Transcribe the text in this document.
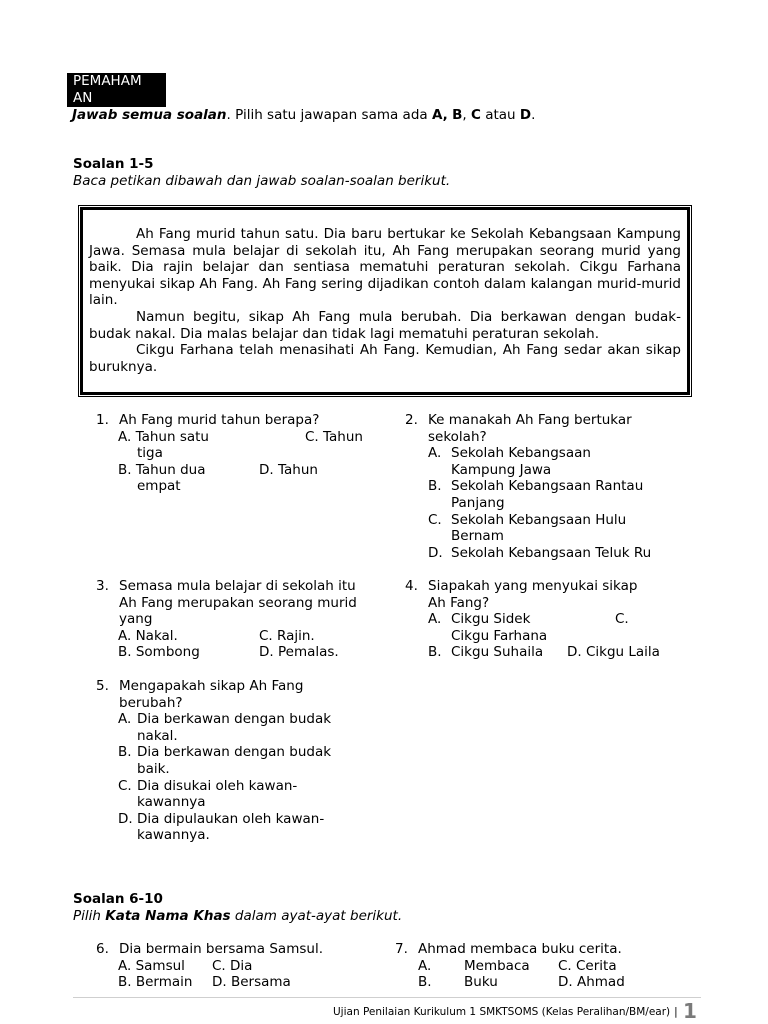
PEMAHAM
AN
Jawab semua soalan. Pilih satu jawapan sama ada A, B, C atau D.
Soalan 1-5
Baca petikan dibawah dan jawab soalan-soalan berikut.

Ah Fang murid tahun satu. Dia baru bertukar ke Sekolah Kebangsaan Kampung Jawa. Semasa mula belajar di sekolah itu, Ah Fang merupakan seorang murid yang baik. Dia rajin belajar dan sentiasa mematuhi peraturan sekolah. Cikgu Farhana menyukai sikap Ah Fang. Ah Fang sering dijadikan contoh dalam kalangan murid-murid lain.

Namun begitu, sikap Ah Fang mula berubah. Dia berkawan dengan budak-budak nakal. Dia malas belajar dan tidak lagi mematuhi peraturan sekolah.

Cikgu Farhana telah menasihati Ah Fang. Kemudian, Ah Fang sedar akan sikap buruknya.

1. Ah Fang murid tahun berapa?
A. Tahun satu	C. Tahun
tiga
B. Tahun dua	D. Tahun
empat
2. Ke manakah Ah Fang bertukar
sekolah?
A. Sekolah Kebangsaan
Kampung Jawa
B. Sekolah Kebangsaan Rantau
Panjang
C. Sekolah Kebangsaan Hulu
Bernam
D. Sekolah Kebangsaan Teluk Ru
3. Semasa mula belajar di sekolah itu
Ah Fang merupakan seorang murid
yang
A. Nakal.	C. Rajin.
B. Sombong	D. Pemalas.
4. Siapakah yang menyukai sikap
Ah Fang?
A. Cikgu Sidek	C.
Cikgu Farhana
B. Cikgu Suhaila D. Cikgu Laila
5. Mengapakah sikap Ah Fang
berubah?
A. Dia berkawan dengan budak
nakal.
B. Dia berkawan dengan budak
baik.
C. Dia disukai oleh kawan-
kawannya
D. Dia dipulaukan oleh kawan-
kawannya.
Soalan 6-10
Pilih Kata Nama Khas dalam ayat-ayat berikut.
6. Dia bermain bersama Samsul.
A. Samsul C. Dia
B. Bermain D. Bersama
7. Ahmad membaca buku cerita.
A. Membaca C. Cerita
B. Buku	D. Ahmad
Ujian Penilaian Kurikulum 1 SMKTSOMS (Kelas Peralihan/BM/ear) | 1
